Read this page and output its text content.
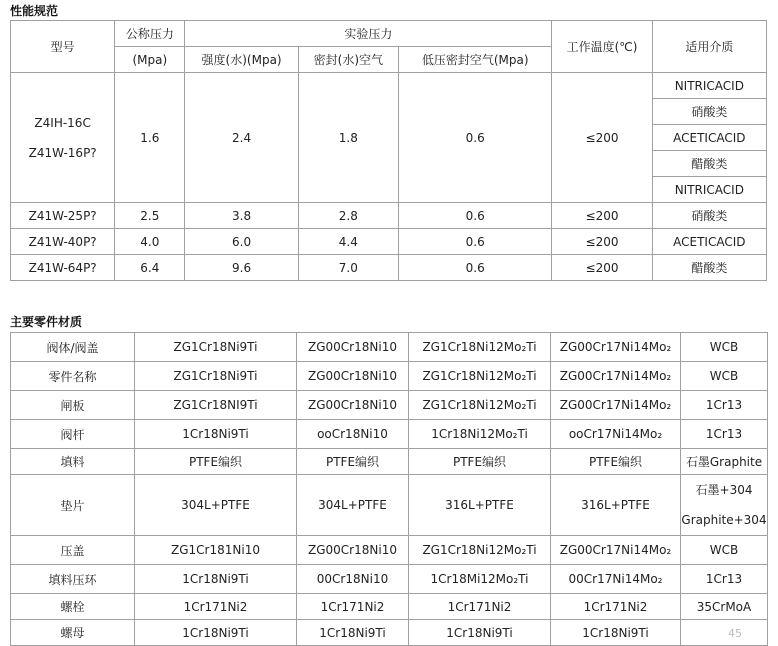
性能规范
型号	公称压力	实验压力			工作温度(℃)	适用介质
	(Mpa)	强度(水)(Mpa)	密封(水)空气	低压密封空气(Mpa)		

Z4IH-16C
Z41W-16P?	1.6	2.4	1.8	0.6	≤200	NITRICACID
						硝酸类
						ACETICACID
						醋酸类
						NITRICACID
Z41W-25P?	2.5	3.8	2.8	0.6	≤200	硝酸类
Z41W-40P?	4.0	6.0	4.4	0.6	≤200	ACETICACID
Z41W-64P?	6.4	9.6	7.0	0.6	≤200	醋酸类
主要零件材质
阀体/阀盖	ZG1Cr18Ni9Ti	ZG00Cr18Ni10	ZG1Cr18Ni12Mo₂Ti	ZG00Cr17Ni14Mo₂	WCB
零件名称	ZG1Cr18Ni9Ti	ZG00Cr18Ni10	ZG1Cr18Ni12Mo₂Ti	ZG00Cr17Ni14Mo₂	WCB
闸板	ZG1Cr18NI9Ti	ZG00Cr18Ni10	ZG1Cr18Ni12Mo₂Ti	ZG00Cr17Ni14Mo₂	1Cr13
阀杆	1Cr18Ni9Ti	ooCr18Ni10	1Cr18Ni12Mo₂Ti	ooCr17Ni14Mo₂	1Cr13
填料	PTFE编织	PTFE编织	PTFE编织	PTFE编织	石墨Graphite
垫片	304L+PTFE	304L+PTFE	316L+PTFE	316L+PTFE	石墨+304
Graphite+304

压盖	ZG1Cr181Ni10	ZG00Cr18Ni10	ZG1Cr18Ni12Mo₂Ti	ZG00Cr17Ni14Mo₂	WCB
填料压环	1Cr18Ni9Ti	00Cr18Ni10	1Cr18Mi12Mo₂Ti	00Cr17Ni14Mo₂	1Cr13
螺栓	1Cr171Ni2	1Cr171Ni2	1Cr171Ni2	1Cr171Ni2	35CrMoA
螺母	1Cr18Ni9Ti	1Cr18Ni9Ti	1Cr18Ni9Ti	1Cr18Ni9Ti		45
